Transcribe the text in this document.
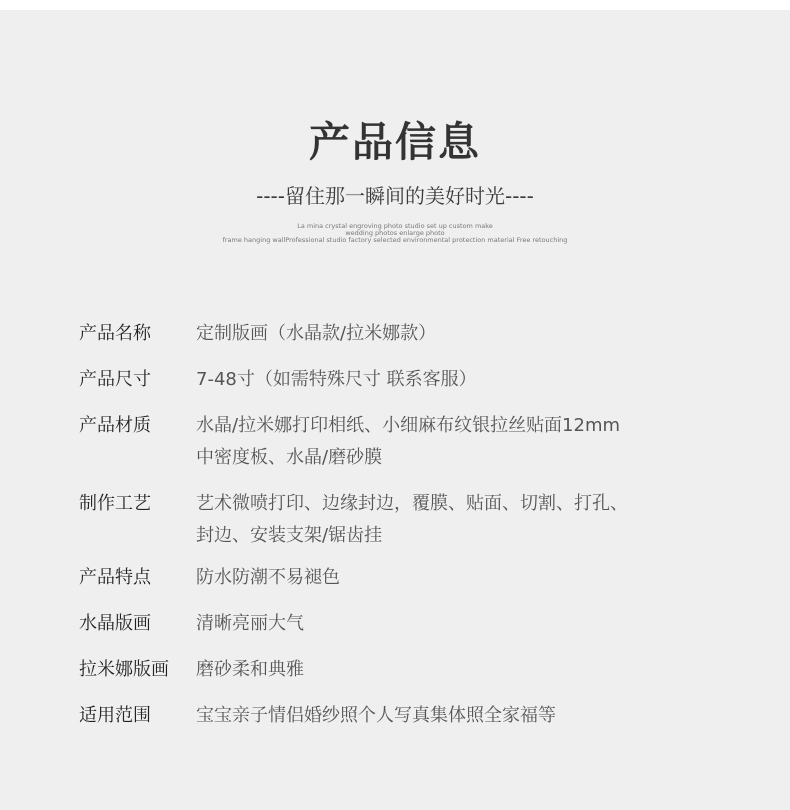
产品信息
----留住那一瞬间的美好时光----
La mina crystal engroving photo studio set up custom make
wedding photos enlarge photo
frame hanging wallProfessional studio factory selected environmental protection material Free retouching
产品名称	定制版画（水晶款/拉米娜款）
产品尺寸	7-48寸（如需特殊尺寸 联系客服）
产品材质	水晶/拉米娜打印相纸、小细麻布纹银拉丝贴面12mm
中密度板、水晶/磨砂膜
制作工艺	艺术微喷打印、边缘封边，覆膜、贴面、切割、打孔、
封边、安装支架/锯齿挂
产品特点	防水防潮不易褪色
水晶版画	清晰亮丽大气
拉米娜版画	磨砂柔和典雅
适用范围	宝宝亲子情侣婚纱照个人写真集体照全家福等
